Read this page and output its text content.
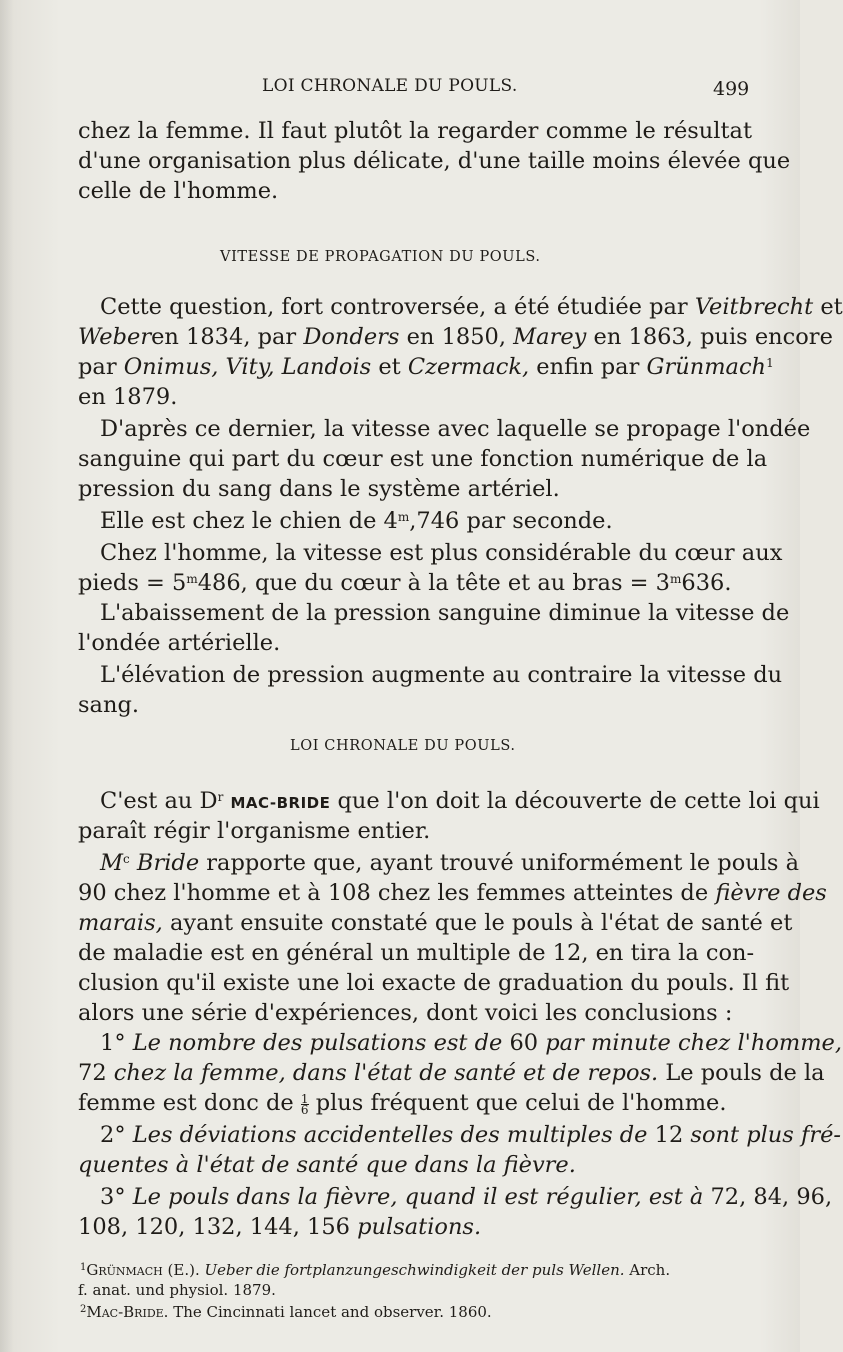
LOI CHRONALE DU POULS.	499
chez la femme. Il faut plutôt la regarder comme le résultat
d'une organisation plus délicate, d'une taille moins élevée que
celle de l'homme.
VITESSE DE PROPAGATION DU POULS.
Cette question, fort controversée, a été étudiée par Veitbrecht et
Weberen 1834, par Donders en 1850, Marey en 1863, puis encore
par Onimus, Vity, Landois et Czermack, enfin par Grünmach$^1$
en 1879.
D'après ce dernier, la vitesse avec laquelle se propage l'ondée
sanguine qui part du cœur est une fonction numérique de la
pression du sang dans le système artériel.
Elle est chez le chien de 4$^m$,746 par seconde.
Chez l'homme, la vitesse est plus considérable du cœur aux
pieds = $5^m486$, que du cœur à la tête et au bras = $3^m636$.
L'abaissement de la pression sanguine diminue la vitesse de
l'ondée artérielle.
L'élévation de pression augmente au contraire la vitesse du
sang.
LOI CHRONALE DU POULS.
C'est au $D^r$ MAC-BRIDE que l'on doit la découverte de cette loi qui
paraît régir l'organisme entier.
$M^c$ Bride rapporte que, ayant trouvé uniformément le pouls à
90 chez l'homme et à 108 chez les femmes atteintes de fièvre des
marais, ayant ensuite constaté que le pouls à l'état de santé et
de maladie est en général un multiple de 12, en tira la con-
clusion qu'il existe une loi exacte de graduation du pouls. Il fit
alors une série d'expériences, dont voici les conclusions :
1° Le nombre des pulsations est de 60 par minute chez l'homme,
72 chez la femme, dans l'état de santé et de repos. Le pouls de la
femme est donc de $\frac{1}{6}$ plus fréquent que celui de l'homme.
2° Les déviations accidentelles des multiples de 12 sont plus fré-
quentes à l'état de santé que dans la fièvre.
3° Le pouls dans la fièvre, quand il est régulier, est à 72, 84, 96,
108, 120, 132, 144, 156 pulsations.
$^1$Grünmach (E.). Ueber die fortplanzungeschwindigkeit der puls Wellen. Arch.
f. anat. und physiol. 1879.
$^2$Mac-Bride. The Cincinnati lancet and observer. 1860.
